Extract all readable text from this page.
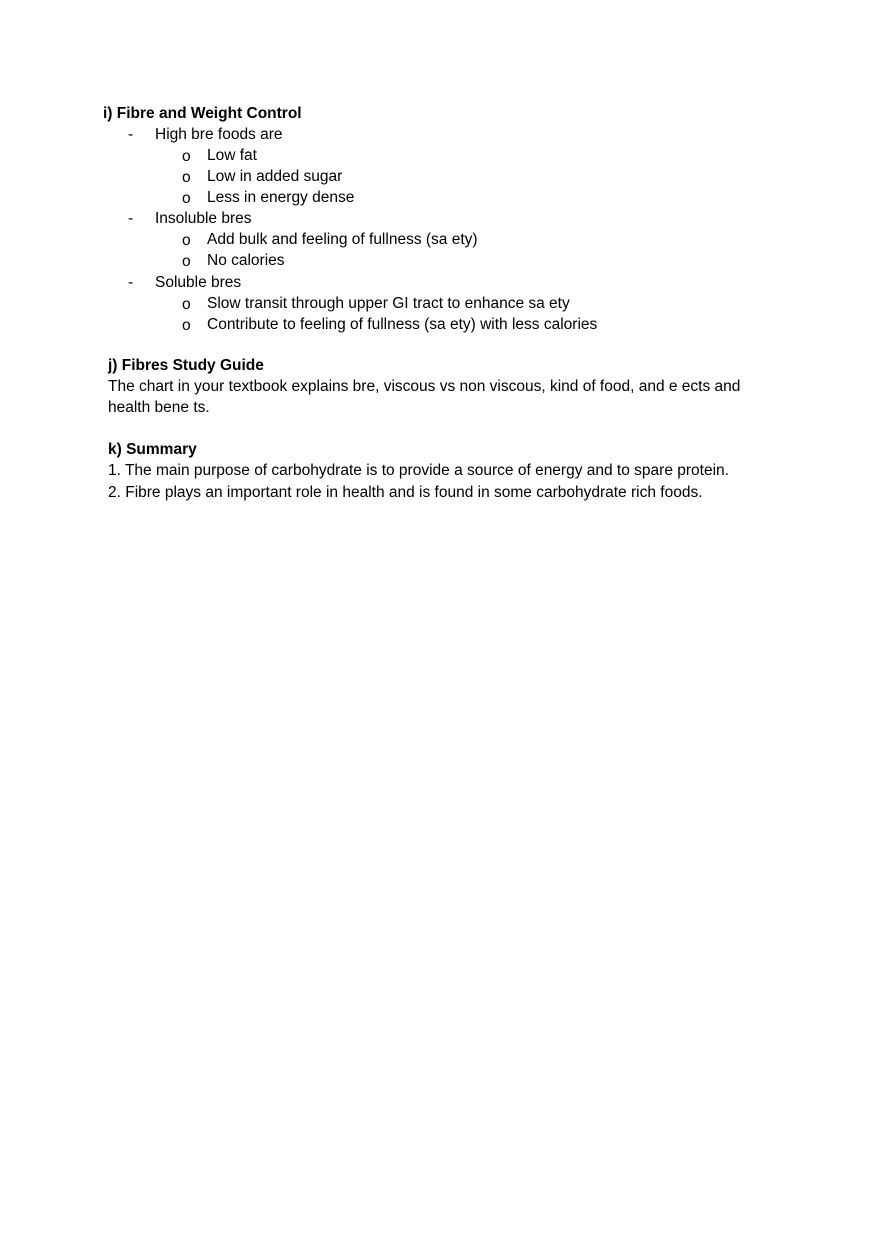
i) Fibre and Weight Control
- High bre foods are
o Low fat
o Low in added sugar
o Less in energy dense
- Insoluble bres
o Add bulk and feeling of fullness (sa ety)
o No calories
- Soluble bres
o Slow transit through upper GI tract to enhance sa ety
o Contribute to feeling of fullness (sa ety) with less calories
j) Fibres Study Guide
The chart in your textbook explains bre, viscous vs non viscous, kind of food, and e ects and
health bene ts.
k) Summary
1. The main purpose of carbohydrate is to provide a source of energy and to spare protein.
2. Fibre plays an important role in health and is found in some carbohydrate rich foods.
